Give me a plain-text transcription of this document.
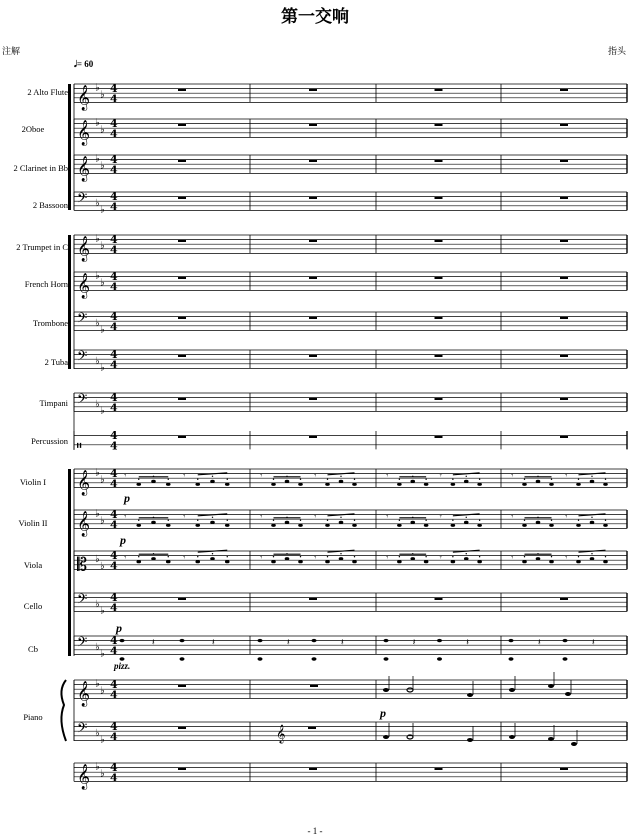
第一交响
注解	指头
𝅗𝅥= 60
2 Alto Flute
2Oboe
2 Clarinet in Bb
2 Bassoon
2 Trumpet in C
French Horn
Trombone
2 Tuba
Timpani
Percussion
Violin I
Violin II
Viola
Cello
Cb
Piano
- 1 -
𝄞 ♭
♭ 4
4
𝄞 ♭
♭ 4
4
𝄞 ♭
♭ 4
4
𝄢 ♭
♭
4
4
𝄞 ♭
♭ 4
4
𝄞 ♭
♭ 4
4
𝄢 ♭
♭
4
4
𝄢 ♭
♭
4
4
𝄢 ♭
♭
4
4
𝄥
4
4
𝄞 ♭
♭ 4
4
𝄞 ♭
♭ 4
4
𝄡 ♭
♭
4
4
𝄢 ♭
♭
4
4
𝄢 ♭
♭
4
4
𝄞 ♭
♭ 4
4
𝄢 ♭
♭
4
4
𝄞 ♭
♭ 4
4
𝄞
𝄾	𝄾	𝄾	𝄾	𝄾	𝄾	𝄾	𝄾
𝄾	𝄾	𝄾	𝄾	𝄾	𝄾	𝄾	𝄾
𝄾	𝄾	𝄾	𝄾	𝄾	𝄾	𝄾	𝄾
𝄽	𝄽	𝄽	𝄽	𝄽	𝄽	𝄽	𝄽
p
p
p
p
pizz.
